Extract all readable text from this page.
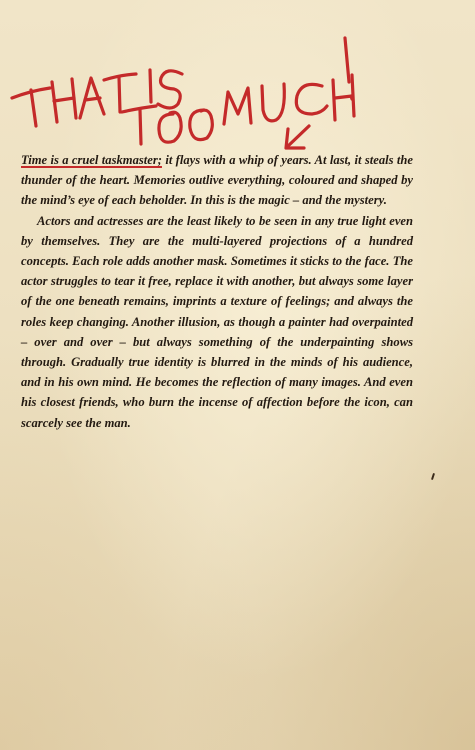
Time is a cruel taskmaster; it flays with a whip of years. At last, it steals the thunder of the heart. Memories outlive everything, coloured and shaped by the mind’s eye of each beholder. In this is the magic – and the mystery.

Actors and actresses are the least likely to be seen in any true light even by themselves. They are the multi-layered projections of a hundred concepts. Each role adds another mask. Sometimes it sticks to the face. The actor struggles to tear it free, replace it with another, but always some layer of the one beneath remains, imprints a texture of feelings; and always the roles keep changing. Another illusion, as though a painter had overpainted – over and over – but always something of the underpainting shows through. Gradually true identity is blurred in the minds of his audience, and in his own mind. He becomes the reflection of many images. And even his closest friends, who burn the incense of affection before the icon, can scarcely see the man.
